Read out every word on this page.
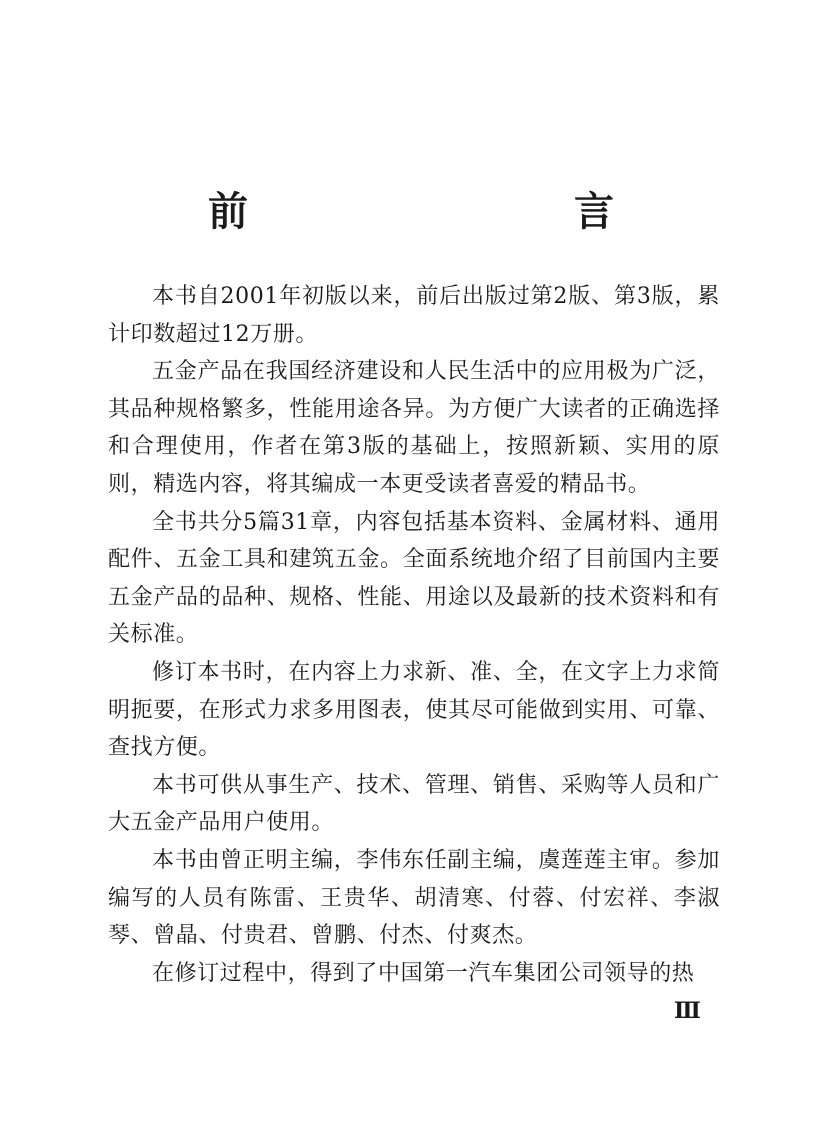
前　　言

本书自2001年初版以来，前后出版过第2版、第3版，累计印数超过12万册。

五金产品在我国经济建设和人民生活中的应用极为广泛，其品种规格繁多，性能用途各异。为方便广大读者的正确选择和合理使用，作者在第3版的基础上，按照新颖、实用的原则，精选内容，将其编成一本更受读者喜爱的精品书。

全书共分5篇31章，内容包括基本资料、金属材料、通用配件、五金工具和建筑五金。全面系统地介绍了目前国内主要五金产品的品种、规格、性能、用途以及最新的技术资料和有关标准。

修订本书时，在内容上力求新、准、全，在文字上力求简明扼要，在形式力求多用图表，使其尽可能做到实用、可靠、查找方便。

本书可供从事生产、技术、管理、销售、采购等人员和广大五金产品用户使用。

本书由曾正明主编，李伟东任副主编，虞莲莲主审。参加编写的人员有陈雷、王贵华、胡清寒、付蓉、付宏祥、李淑琴、曾晶、付贵君、曾鹏、付杰、付爽杰。

在修订过程中，得到了中国第一汽车集团公司领导的热

Ⅲ
